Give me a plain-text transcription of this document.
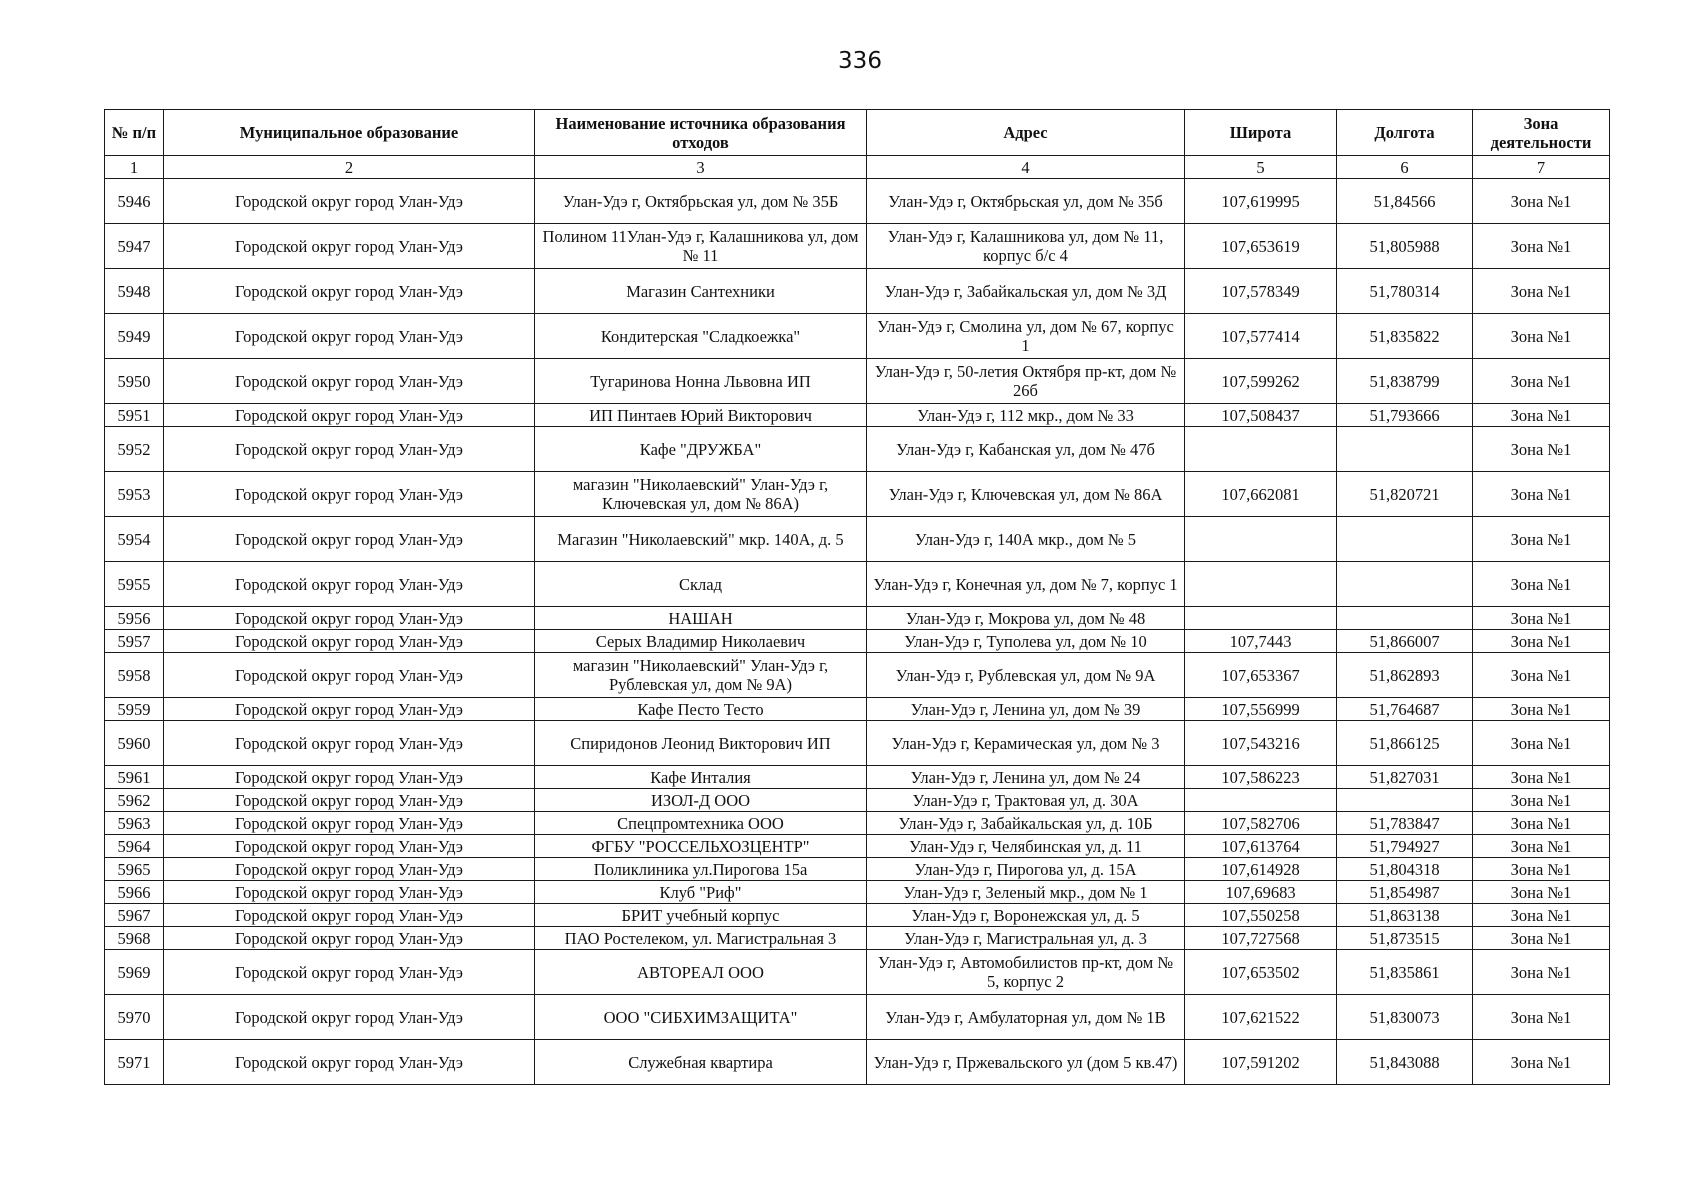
336
№ п/п	Муниципальное образование	Наименование источника образования отходов	Адрес	Широта	Долгота	Зона деятельности
1	2	3	4	5	6	7
5946	Городской округ город Улан-Удэ	Улан-Удэ г, Октябрьская ул, дом № 35Б	Улан-Удэ г, Октябрьская ул, дом № 35б	107,619995	51,84566	Зона №1
5947	Городской округ город Улан-Удэ	Полином 11Улан-Удэ г, Калашникова ул, дом № 11	Улан-Удэ г, Калашникова ул, дом № 11, корпус б/с 4	107,653619	51,805988	Зона №1
5948	Городской округ город Улан-Удэ	Магазин Сантехники	Улан-Удэ г, Забайкальская ул, дом № 3Д	107,578349	51,780314	Зона №1
5949	Городской округ город Улан-Удэ	Кондитерская "Сладкоежка"	Улан-Удэ г, Смолина ул, дом № 67, корпус 1	107,577414	51,835822	Зона №1
5950	Городской округ город Улан-Удэ	Тугаринова Нонна Львовна ИП	Улан-Удэ г, 50-летия Октября пр-кт, дом № 26б	107,599262	51,838799	Зона №1
5951	Городской округ город Улан-Удэ	ИП Пинтаев Юрий Викторович	Улан-Удэ г, 112 мкр., дом № 33	107,508437	51,793666	Зона №1
5952	Городской округ город Улан-Удэ	Кафе "ДРУЖБА"	Улан-Удэ г, Кабанская ул, дом № 47б			Зона №1
5953	Городской округ город Улан-Удэ	магазин "Николаевский" Улан-Удэ г, Ключевская ул, дом № 86А)	Улан-Удэ г, Ключевская ул, дом № 86А	107,662081	51,820721	Зона №1
5954	Городской округ город Улан-Удэ	Магазин "Николаевский" мкр. 140А, д. 5	Улан-Удэ г, 140А мкр., дом № 5			Зона №1
5955	Городской округ город Улан-Удэ	Склад	Улан-Удэ г, Конечная ул, дом № 7, корпус 1			Зона №1
5956	Городской округ город Улан-Удэ	НАШАН	Улан-Удэ г, Мокрова ул, дом № 48			Зона №1
5957	Городской округ город Улан-Удэ	Серых Владимир Николаевич	Улан-Удэ г, Туполева ул, дом № 10	107,7443	51,866007	Зона №1
5958	Городской округ город Улан-Удэ	магазин "Николаевский" Улан-Удэ г, Рублевская ул, дом № 9А)	Улан-Удэ г, Рублевская ул, дом № 9А	107,653367	51,862893	Зона №1
5959	Городской округ город Улан-Удэ	Кафе Песто Тесто	Улан-Удэ г, Ленина ул, дом № 39	107,556999	51,764687	Зона №1
5960	Городской округ город Улан-Удэ	Спиридонов Леонид Викторович ИП	Улан-Удэ г, Керамическая ул, дом № 3	107,543216	51,866125	Зона №1
5961	Городской округ город Улан-Удэ	Кафе Инталия	Улан-Удэ г, Ленина ул, дом № 24	107,586223	51,827031	Зона №1
5962	Городской округ город Улан-Удэ	ИЗОЛ-Д ООО	Улан-Удэ г, Трактовая ул, д. 30А			Зона №1
5963	Городской округ город Улан-Удэ	Спецпромтехника ООО	Улан-Удэ г, Забайкальская ул, д. 10Б	107,582706	51,783847	Зона №1
5964	Городской округ город Улан-Удэ	ФГБУ "РОССЕЛЬХОЗЦЕНТР"	Улан-Удэ г, Челябинская ул, д. 11	107,613764	51,794927	Зона №1
5965	Городской округ город Улан-Удэ	Поликлиника ул.Пирогова 15а	Улан-Удэ г, Пирогова ул, д. 15А	107,614928	51,804318	Зона №1
5966	Городской округ город Улан-Удэ	Клуб "Риф"	Улан-Удэ г, Зеленый мкр., дом № 1	107,69683	51,854987	Зона №1
5967	Городской округ город Улан-Удэ	БРИТ учебный корпус	Улан-Удэ г, Воронежская ул, д. 5	107,550258	51,863138	Зона №1
5968	Городской округ город Улан-Удэ	ПАО Ростелеком, ул. Магистральная 3	Улан-Удэ г, Магистральная ул, д. 3	107,727568	51,873515	Зона №1
5969	Городской округ город Улан-Удэ	АВТОРЕАЛ ООО	Улан-Удэ г, Автомобилистов пр-кт, дом № 5, корпус 2	107,653502	51,835861	Зона №1
5970	Городской округ город Улан-Удэ	ООО "СИБХИМЗАЩИТА"	Улан-Удэ г, Амбулаторная ул, дом № 1В	107,621522	51,830073	Зона №1
5971	Городской округ город Улан-Удэ	Служебная квартира	Улан-Удэ г, Пржевальского ул (дом 5 кв.47)	107,591202	51,843088	Зона №1
